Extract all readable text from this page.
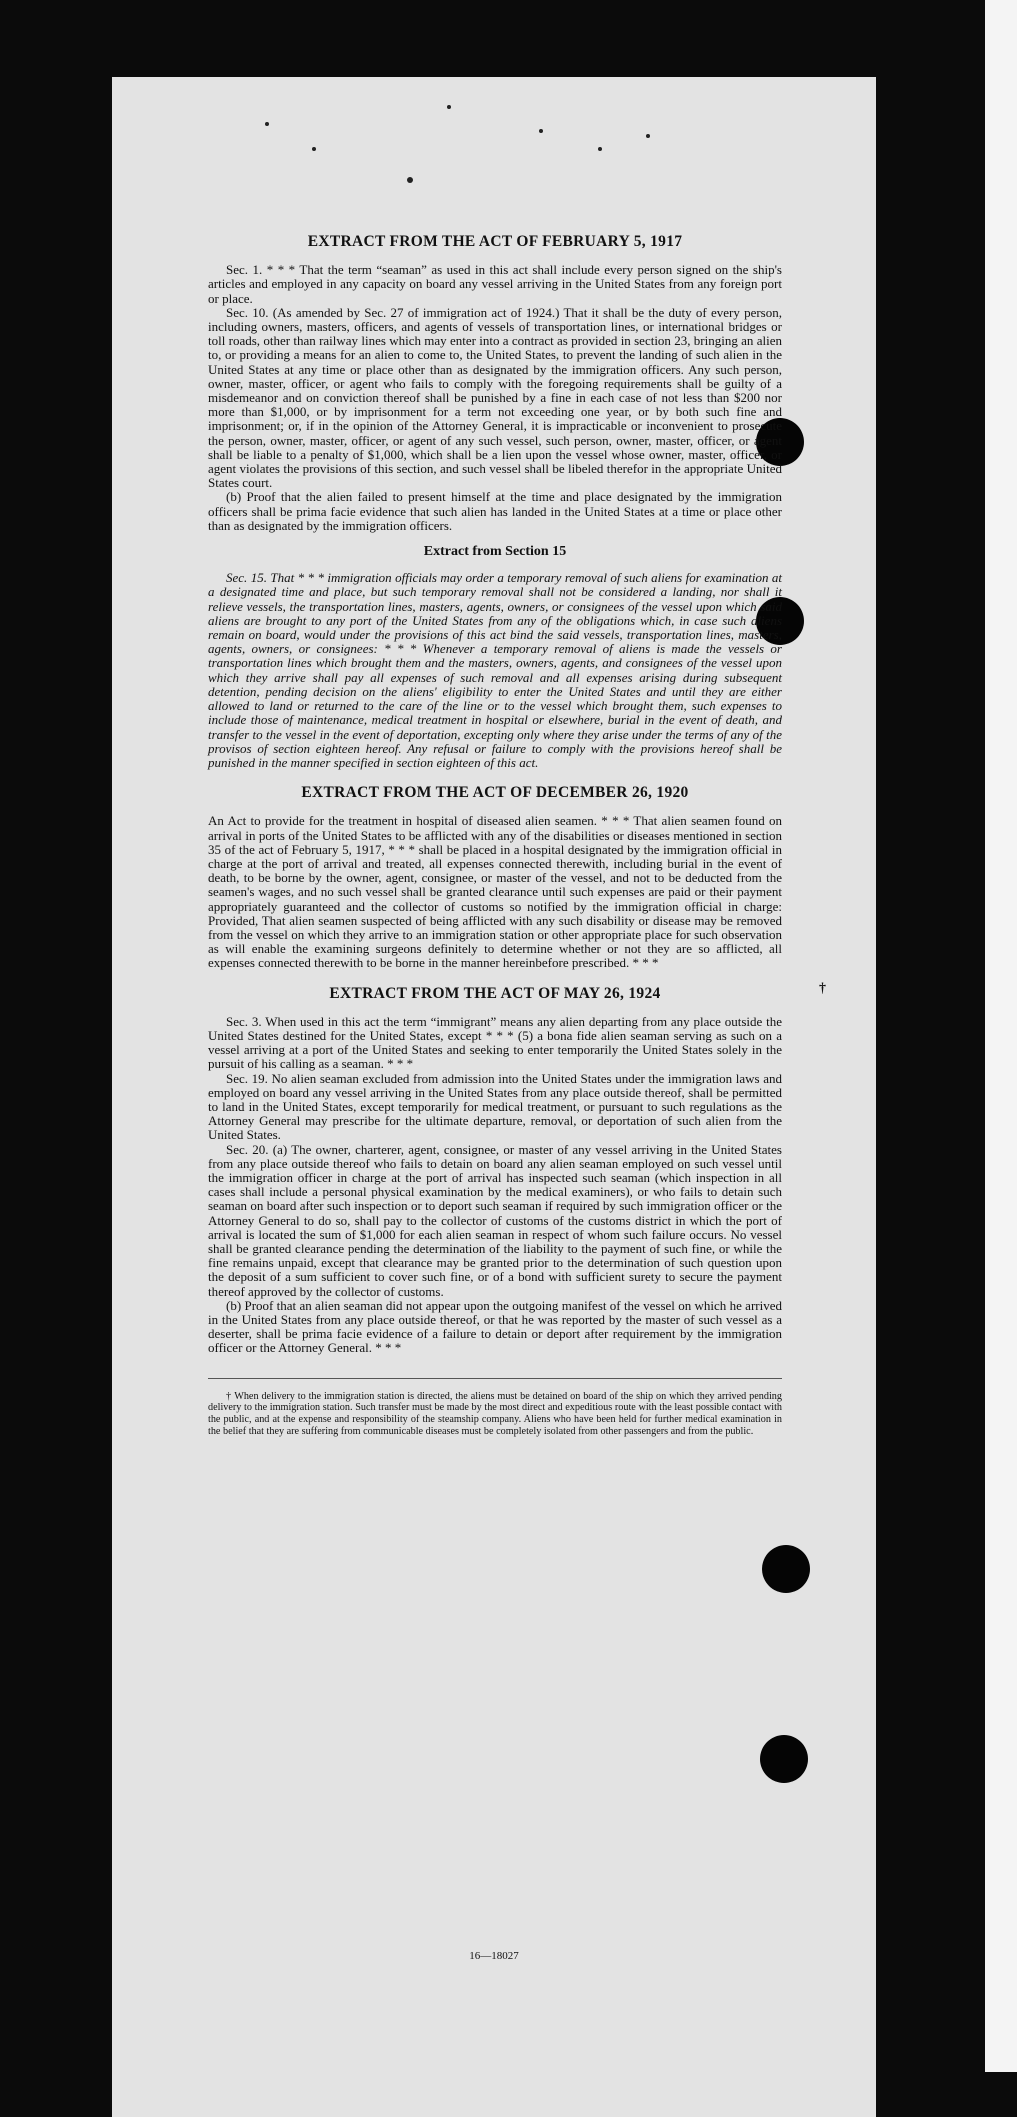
†
EXTRACT FROM THE ACT OF FEBRUARY 5, 1917

Sec. 1. * * * That the term “seaman” as used in this act shall include every person signed on the ship's articles and employed in any capacity on board any vessel arriving in the United States from any foreign port or place.

Sec. 10. (As amended by Sec. 27 of immigration act of 1924.) That it shall be the duty of every person, including owners, masters, officers, and agents of vessels of transportation lines, or international bridges or toll roads, other than railway lines which may enter into a contract as provided in section 23, bringing an alien to, or providing a means for an alien to come to, the United States, to prevent the landing of such alien in the United States at any time or place other than as designated by the immigration officers. Any such person, owner, master, officer, or agent who fails to comply with the foregoing requirements shall be guilty of a misdemeanor and on conviction thereof shall be punished by a fine in each case of not less than $200 nor more than $1,000, or by imprisonment for a term not exceeding one year, or by both such fine and imprisonment; or, if in the opinion of the Attorney General, it is impracticable or inconvenient to prosecute the person, owner, master, officer, or agent of any such vessel, such person, owner, master, officer, or agent shall be liable to a penalty of $1,000, which shall be a lien upon the vessel whose owner, master, officer, or agent violates the provisions of this section, and such vessel shall be libeled therefor in the appropriate United States court.

(b) Proof that the alien failed to present himself at the time and place designated by the immigration officers shall be prima facie evidence that such alien has landed in the United States at a time or place other than as designated by the immigration officers.

Extract from Section 15

Sec. 15. That * * * immigration officials may order a temporary removal of such aliens for examination at a designated time and place, but such temporary removal shall not be considered a landing, nor shall it relieve vessels, the transportation lines, masters, agents, owners, or consignees of the vessel upon which said aliens are brought to any port of the United States from any of the obligations which, in case such aliens remain on board, would under the provisions of this act bind the said vessels, transportation lines, masters, agents, owners, or consignees: * * * Whenever a temporary removal of aliens is made the vessels or transportation lines which brought them and the masters, owners, agents, and consignees of the vessel upon which they arrive shall pay all expenses of such removal and all expenses arising during subsequent detention, pending decision on the aliens' eligibility to enter the United States and until they are either allowed to land or returned to the care of the line or to the vessel which brought them, such expenses to include those of maintenance, medical treatment in hospital or elsewhere, burial in the event of death, and transfer to the vessel in the event of deportation, excepting only where they arise under the terms of any of the provisos of section eighteen hereof. Any refusal or failure to comply with the provisions hereof shall be punished in the manner specified in section eighteen of this act.

EXTRACT FROM THE ACT OF DECEMBER 26, 1920

An Act to provide for the treatment in hospital of diseased alien seamen. * * * That alien seamen found on arrival in ports of the United States to be afflicted with any of the disabilities or diseases mentioned in section 35 of the act of February 5, 1917, * * * shall be placed in a hospital designated by the immigration official in charge at the port of arrival and treated, all expenses connected therewith, including burial in the event of death, to be borne by the owner, agent, consignee, or master of the vessel, and not to be deducted from the seamen's wages, and no such vessel shall be granted clearance until such expenses are paid or their payment appropriately guaranteed and the collector of customs so notified by the immigration official in charge: Provided, That alien seamen suspected of being afflicted with any such disability or disease may be removed from the vessel on which they arrive to an immigration station or other appropriate place for such observation as will enable the examining surgeons definitely to determine whether or not they are so afflicted, all expenses connected therewith to be borne in the manner hereinbefore prescribed. * * *

EXTRACT FROM THE ACT OF MAY 26, 1924

Sec. 3. When used in this act the term “immigrant” means any alien departing from any place outside the United States destined for the United States, except * * * (5) a bona fide alien seaman serving as such on a vessel arriving at a port of the United States and seeking to enter temporarily the United States solely in the pursuit of his calling as a seaman. * * *

Sec. 19. No alien seaman excluded from admission into the United States under the immigration laws and employed on board any vessel arriving in the United States from any place outside thereof, shall be permitted to land in the United States, except temporarily for medical treatment, or pursuant to such regulations as the Attorney General may prescribe for the ultimate departure, removal, or deportation of such alien from the United States.

Sec. 20. (a) The owner, charterer, agent, consignee, or master of any vessel arriving in the United States from any place outside thereof who fails to detain on board any alien seaman employed on such vessel until the immigration officer in charge at the port of arrival has inspected such seaman (which inspection in all cases shall include a personal physical examination by the medical examiners), or who fails to detain such seaman on board after such inspection or to deport such seaman if required by such immigration officer or the Attorney General to do so, shall pay to the collector of customs of the customs district in which the port of arrival is located the sum of $1,000 for each alien seaman in respect of whom such failure occurs. No vessel shall be granted clearance pending the determination of the liability to the payment of such fine, or while the fine remains unpaid, except that clearance may be granted prior to the determination of such question upon the deposit of a sum sufficient to cover such fine, or of a bond with sufficient surety to secure the payment thereof approved by the collector of customs.

(b) Proof that an alien seaman did not appear upon the outgoing manifest of the vessel on which he arrived in the United States from any place outside thereof, or that he was reported by the master of such vessel as a deserter, shall be prima facie evidence of a failure to detain or deport after requirement by the immigration officer or the Attorney General. * * *

† When delivery to the immigration station is directed, the aliens must be detained on board of the ship on which they arrived pending delivery to the immigration station. Such transfer must be made by the most direct and expeditious route with the least possible contact with the public, and at the expense and responsibility of the steamship company. Aliens who have been held for further medical examination in the belief that they are suffering from communicable diseases must be completely isolated from other passengers and from the public.

16—18027
